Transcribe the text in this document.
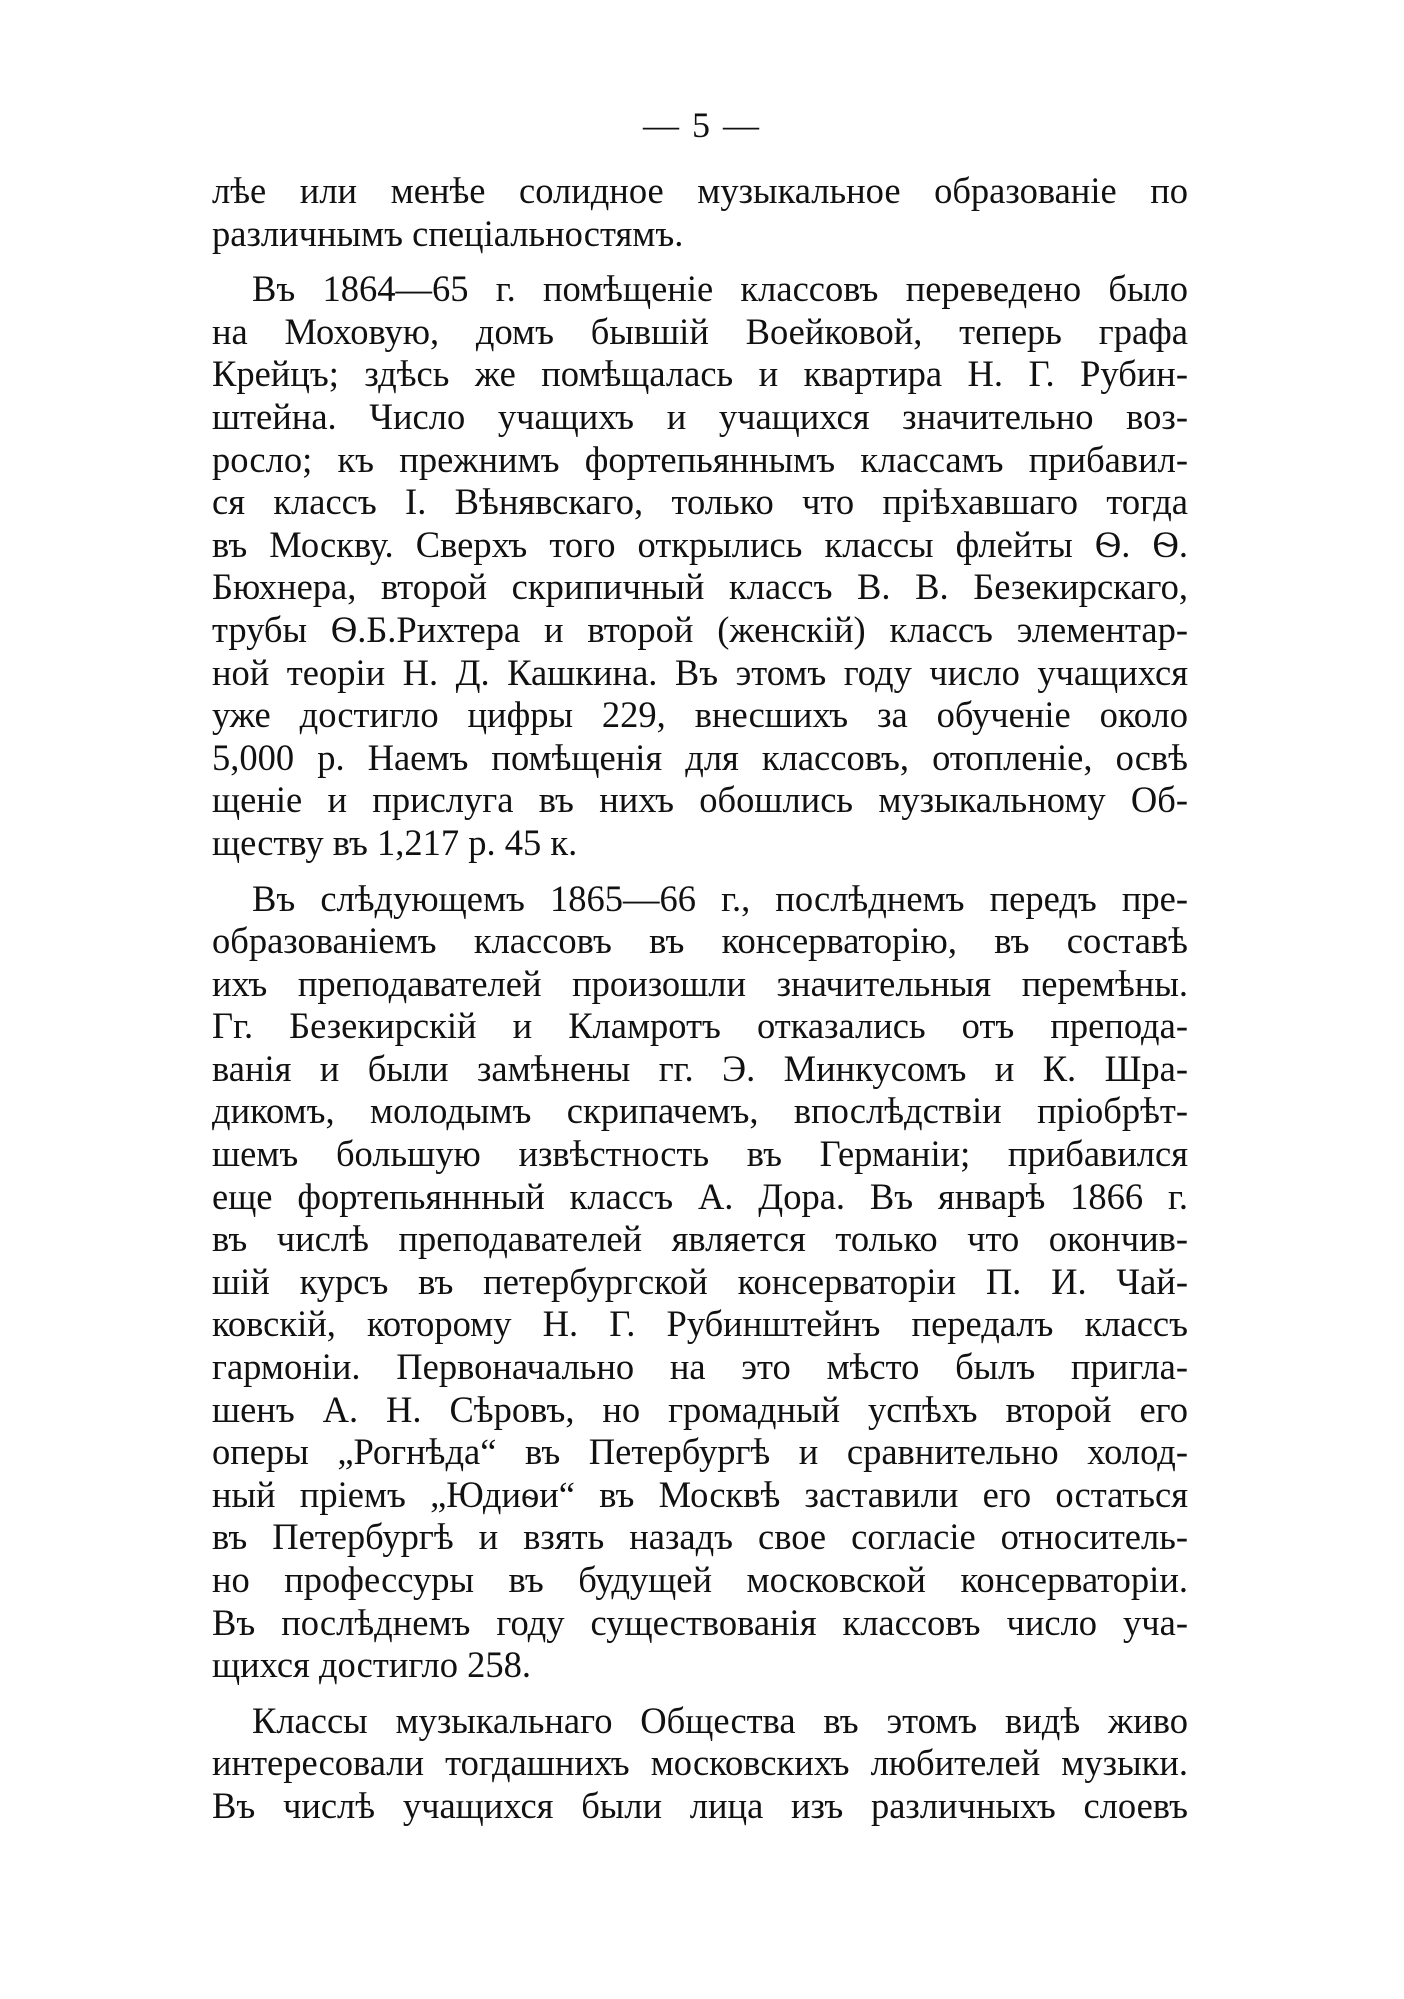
— 5 —

лѣе или менѣе солидное музыкальное образованіе по
различнымъ спеціальностямъ.

Въ 1864—65 г. помѣщеніе классовъ переведено было
на Моховую, домъ бывшій Воейковой, теперь графа
Крейцъ; здѣсь же помѣщалась и квартира Н. Г. Рубин-
штейна. Число учащихъ и учащихся значительно воз-
росло; къ прежнимъ фортепьяннымъ классамъ прибавил-
ся классъ І. Вѣнявскаго, только что пріѣхавшаго тогда
въ Москву. Сверхъ того открылись классы флейты Ѳ. Ѳ.
Бюхнера, второй скрипичный классъ В. В. Безекирскаго,
трубы Ѳ.Б.Рихтера и второй (женскій) классъ элементар-
ной теоріи Н. Д. Кашкина. Въ этомъ году число учащихся
уже достигло цифры 229, внесшихъ за обученіе около
5,000 р. Наемъ помѣщенія для классовъ, отопленіе, освѣ
щеніе и прислуга въ нихъ обошлись музыкальному Об-
ществу въ 1,217 р. 45 к.

Въ слѣдующемъ 1865—66 г., послѣднемъ передъ пре-
образованіемъ классовъ въ консерваторію, въ составѣ
ихъ преподавателей произошли значительныя перемѣны.
Гг. Безекирскій и Кламротъ отказались отъ препода-
ванія и были замѣнены гг. Э. Минкусомъ и К. Шра-
дикомъ, молодымъ скрипачемъ, впослѣдствіи пріобрѣт-
шемъ большую извѣстность въ Германіи; прибавился
еще фортепьяннный классъ А. Дора. Въ январѣ 1866 г.
въ числѣ преподавателей является только что окончив-
шій курсъ въ петербургской консерваторіи П. И. Чай-
ковскій, которому Н. Г. Рубинштейнъ передалъ классъ
гармоніи. Первоначально на это мѣсто былъ пригла-
шенъ А. Н. Сѣровъ, но громадный успѣхъ второй его
оперы „Рогнѣда“ въ Петербургѣ и сравнительно холод-
ный пріемъ „Юдиѳи“ въ Москвѣ заставили его остаться
въ Петербургѣ и взять назадъ свое согласіе относитель-
но профессуры въ будущей московской консерваторіи.
Въ послѣднемъ году существованія классовъ число уча-
щихся достигло 258.

Классы музыкальнаго Общества въ этомъ видѣ живо
интересовали тогдашнихъ московскихъ любителей музыки.
Въ числѣ учащихся были лица изъ различныхъ слоевъ
